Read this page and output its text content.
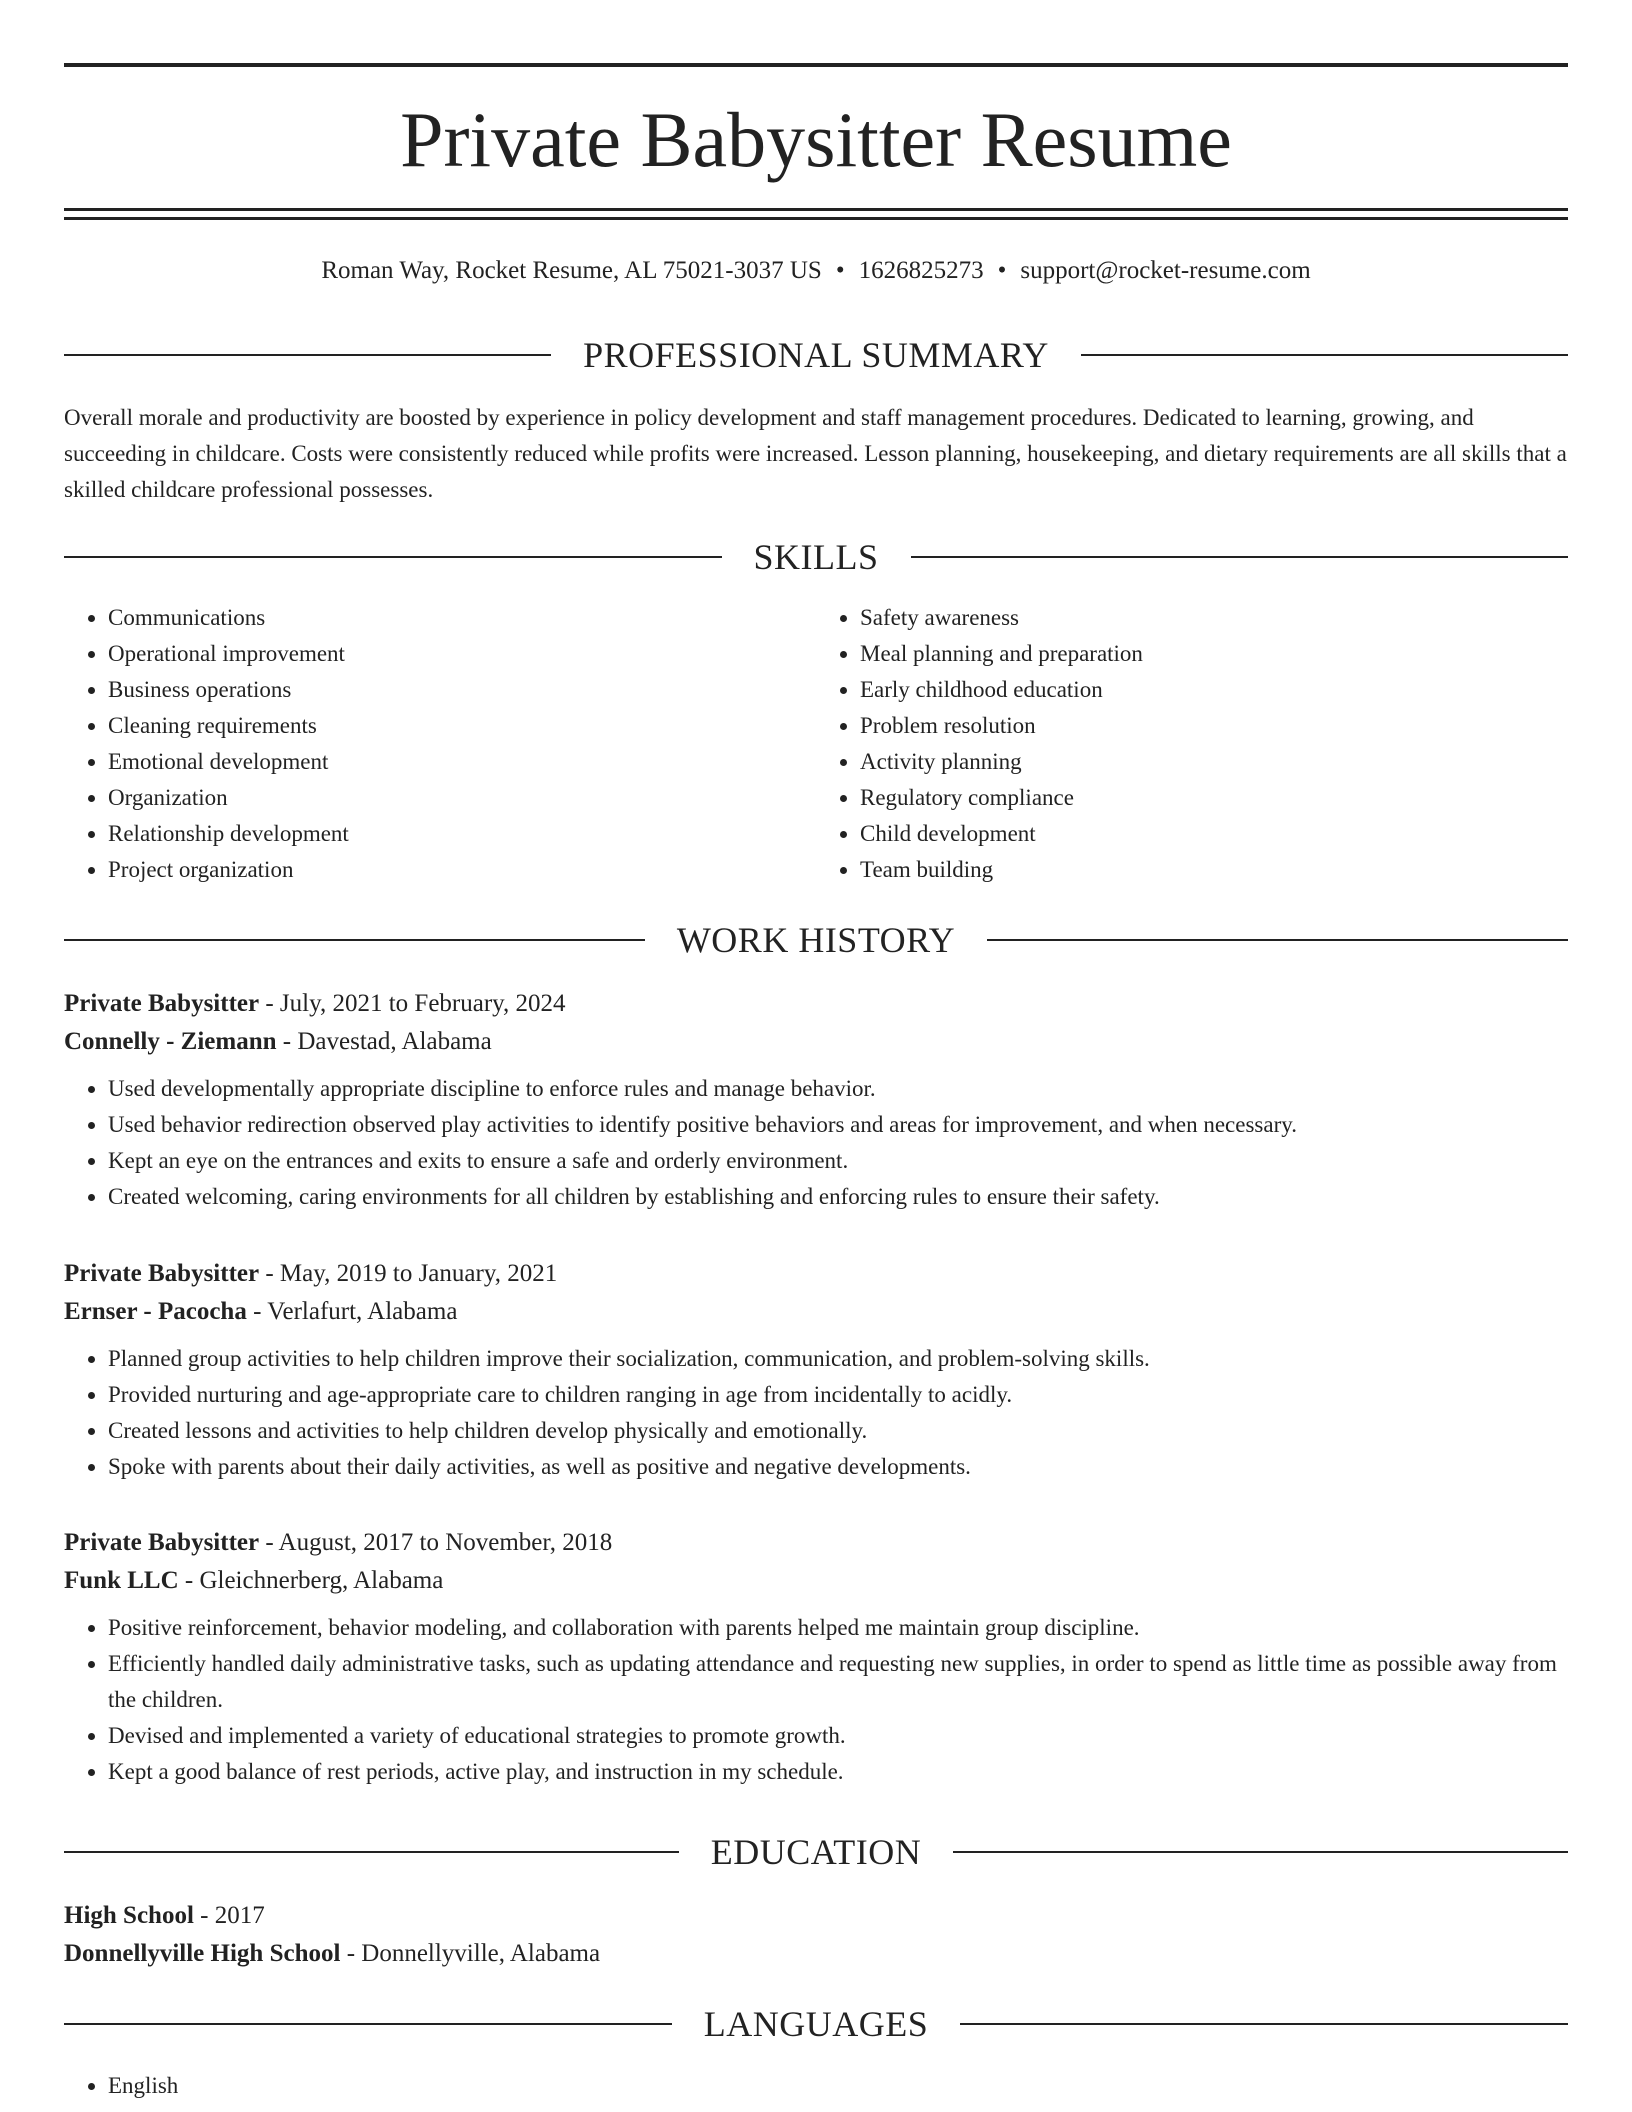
Private Babysitter Resume
Roman Way, Rocket Resume, AL 75021-3037 US • 1626825273 • support@rocket-resume.com
PROFESSIONAL SUMMARY
Overall morale and productivity are boosted by experience in policy development and staff management procedures. Dedicated to learning, growing, and succeeding in childcare. Costs were consistently reduced while profits were increased. Lesson planning, housekeeping, and dietary requirements are all skills that a skilled childcare professional possesses.
SKILLS
• Communications
• Operational improvement
• Business operations
• Cleaning requirements
• Emotional development
• Organization
• Relationship development
• Project organization
• Safety awareness
• Meal planning and preparation
• Early childhood education
• Problem resolution
• Activity planning
• Regulatory compliance
• Child development
• Team building
WORK HISTORY
Private Babysitter - July, 2021 to February, 2024
Connelly - Ziemann - Davestad, Alabama
• Used developmentally appropriate discipline to enforce rules and manage behavior.
• Used behavior redirection observed play activities to identify positive behaviors and areas for improvement, and when necessary.
• Kept an eye on the entrances and exits to ensure a safe and orderly environment.
• Created welcoming, caring environments for all children by establishing and enforcing rules to ensure their safety.
Private Babysitter - May, 2019 to January, 2021
Ernser - Pacocha - Verlafurt, Alabama
• Planned group activities to help children improve their socialization, communication, and problem-solving skills.
• Provided nurturing and age-appropriate care to children ranging in age from incidentally to acidly.
• Created lessons and activities to help children develop physically and emotionally.
• Spoke with parents about their daily activities, as well as positive and negative developments.
Private Babysitter - August, 2017 to November, 2018
Funk LLC - Gleichnerberg, Alabama
• Positive reinforcement, behavior modeling, and collaboration with parents helped me maintain group discipline.
• Efficiently handled daily administrative tasks, such as updating attendance and requesting new supplies, in order to spend as little time as possible away from the children.
• Devised and implemented a variety of educational strategies to promote growth.
• Kept a good balance of rest periods, active play, and instruction in my schedule.
EDUCATION
High School - 2017
Donnellyville High School - Donnellyville, Alabama
LANGUAGES
• English
